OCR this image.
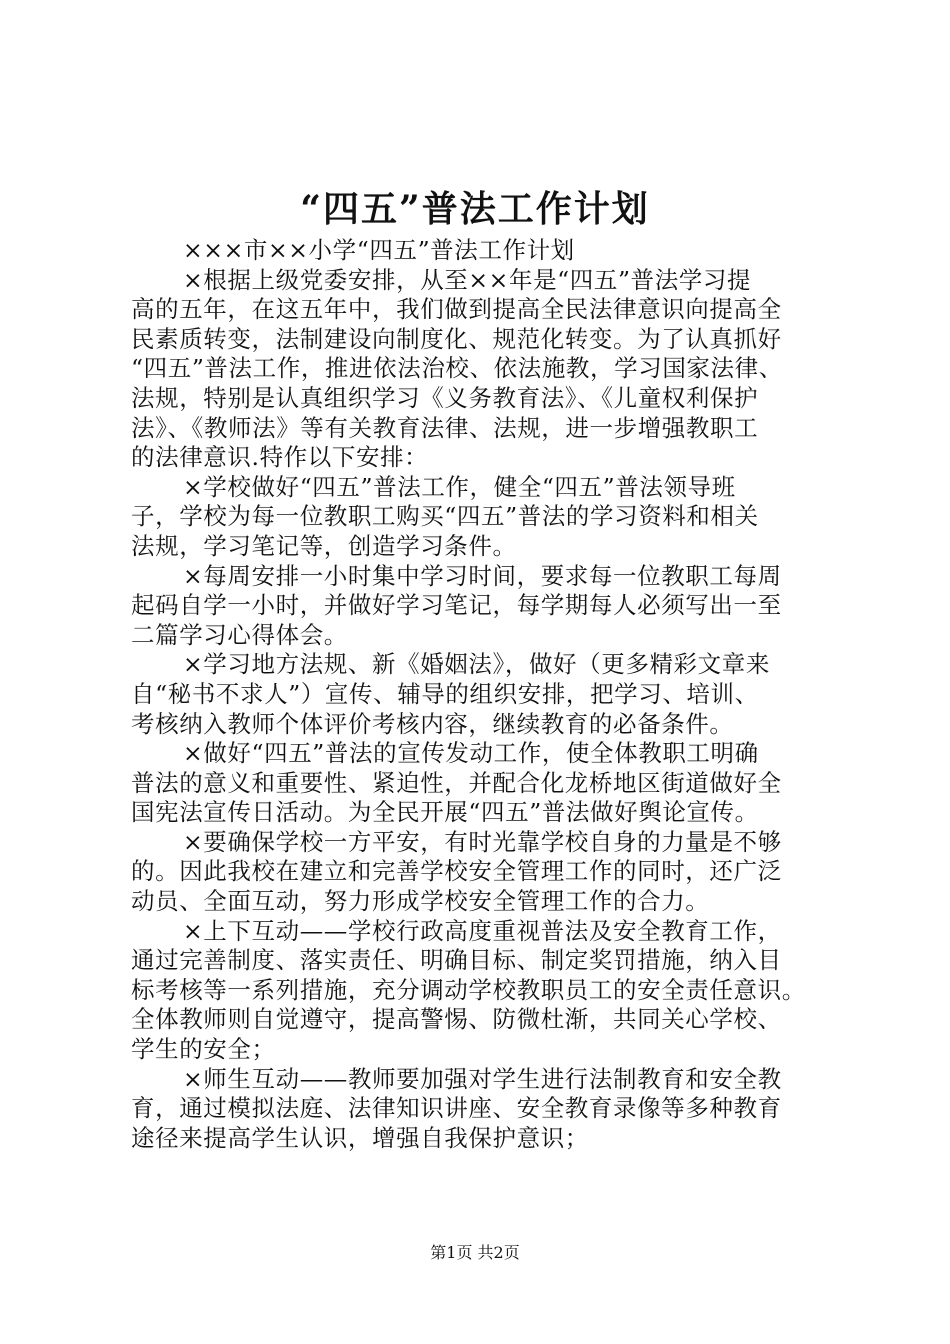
“四五”普法工作计划
×××市××小学“四五”普法工作计划
×根据上级党委安排，从至××年是“四五”普法学习提
高的五年，在这五年中，我们做到提高全民法律意识向提高全
民素质转变，法制建设向制度化、规范化转变。为了认真抓好
“四五”普法工作，推进依法治校、依法施教，学习国家法律、
法规，特别是认真组织学习《义务教育法》、《儿童权利保护
法》、《教师法》等有关教育法律、法规，进一步增强教职工
的法律意识.特作以下安排：
×学校做好“四五”普法工作，健全“四五”普法领导班
子，学校为每一位教职工购买“四五”普法的学习资料和相关
法规，学习笔记等，创造学习条件。
×每周安排一小时集中学习时间，要求每一位教职工每周
起码自学一小时，并做好学习笔记，每学期每人必须写出一至
二篇学习心得体会。
×学习地方法规、新《婚姻法》，做好（更多精彩文章来
自“秘书不求人”）宣传、辅导的组织安排，把学习、培训、
考核纳入教师个体评价考核内容，继续教育的必备条件。
×做好“四五”普法的宣传发动工作，使全体教职工明确
普法的意义和重要性、紧迫性，并配合化龙桥地区街道做好全
国宪法宣传日活动。为全民开展“四五”普法做好舆论宣传。
×要确保学校一方平安，有时光靠学校自身的力量是不够
的。因此我校在建立和完善学校安全管理工作的同时，还广泛
动员、全面互动，努力形成学校安全管理工作的合力。
×上下互动——学校行政高度重视普法及安全教育工作，
通过完善制度、落实责任、明确目标、制定奖罚措施，纳入目
标考核等一系列措施，充分调动学校教职员工的安全责任意识。
全体教师则自觉遵守，提高警惕、防微杜渐，共同关心学校、
学生的安全；
×师生互动——教师要加强对学生进行法制教育和安全教
育，通过模拟法庭、法律知识讲座、安全教育录像等多种教育
途径来提高学生认识，增强自我保护意识；
第1页 共2页
